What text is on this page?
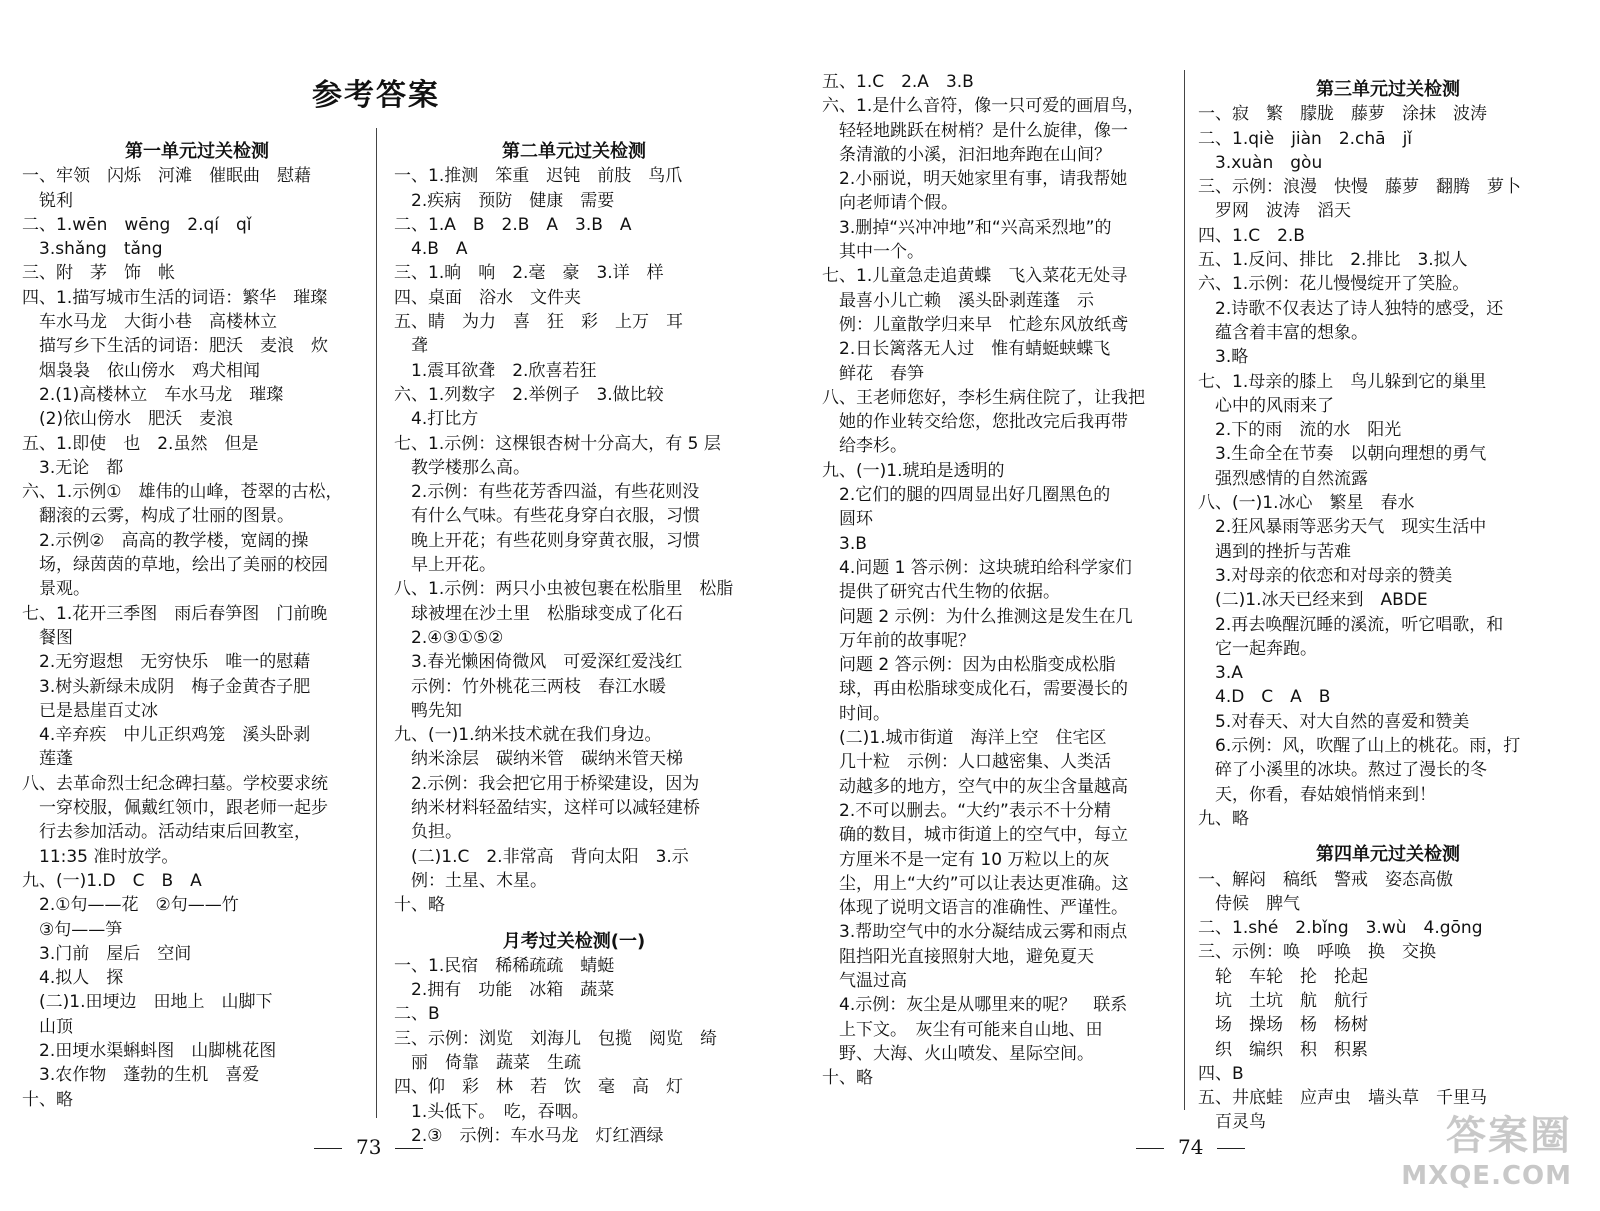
参考答案
第一单元过关检测
一、牢领　闪烁　河滩　催眠曲　慰藉
　锐利
二、1.wēn　wēng　2.qí　qǐ
　3.shǎng　tǎng
三、附　茅　饰　帐
四、1.描写城市生活的词语：繁华　璀璨
　车水马龙　大街小巷　高楼林立
　描写乡下生活的词语：肥沃　麦浪　炊
　烟袅袅　依山傍水　鸡犬相闻
　2.(1)高楼林立　车水马龙　璀璨
　(2)依山傍水　肥沃　麦浪
五、1.即使　也　2.虽然　但是
　3.无论　都
六、1.示例①　雄伟的山峰，苍翠的古松，
　翻滚的云雾，构成了壮丽的图景。
　2.示例②　高高的教学楼，宽阔的操
　场，绿茵茵的草地，绘出了美丽的校园
　景观。
七、1.花开三季图　雨后春笋图　门前晚
　餐图
　2.无穷遐想　无穷快乐　唯一的慰藉
　3.树头新绿未成阴　梅子金黄杏子肥
　已是悬崖百丈冰
　4.辛弃疾　中儿正织鸡笼　溪头卧剥
　莲蓬
八、去革命烈士纪念碑扫墓。学校要求统
　一穿校服，佩戴红领巾，跟老师一起步
　行去参加活动。活动结束后回教室，
　11:35 准时放学。
九、(一)1.D　C　B　A
　2.①句——花　②句——竹
　③句——笋
　3.门前　屋后　空间
　4.拟人　探
　(二)1.田埂边　田地上　山脚下
　山顶
　2.田埂水渠蝌蚪图　山脚桃花图
　3.农作物　蓬勃的生机　喜爱
十、略
第二单元过关检测
一、1.推测　笨重　迟钝　前肢　鸟爪
　2.疾病　预防　健康　需要
二、1.A　B　2.B　A　3.B　A
　4.B　A
三、1.晌　响　2.毫　豪　3.详　样
四、桌面　浴水　文件夹
五、睛　为力　喜　狂　彩　上万　耳
　聋
　1.震耳欲聋　2.欣喜若狂
六、1.列数字　2.举例子　3.做比较
　4.打比方
七、1.示例：这棵银杏树十分高大，有 5 层
　教学楼那么高。
　2.示例：有些花芳香四溢，有些花则没
　有什么气味。有些花身穿白衣服，习惯
　晚上开花；有些花则身穿黄衣服，习惯
　早上开花。
八、1.示例：两只小虫被包裹在松脂里　松脂
　球被埋在沙土里　松脂球变成了化石
　2.④③①⑤②
　3.春光懒困倚微风　可爱深红爱浅红
　示例：竹外桃花三两枝　春江水暖
　鸭先知
九、(一)1.纳米技术就在我们身边。
　纳米涂层　碳纳米管　碳纳米管天梯
　2.示例：我会把它用于桥梁建设，因为
　纳米材料轻盈结实，这样可以减轻建桥
　负担。
　(二)1.C　2.非常高　背向太阳　3.示
　例：土星、木星。
十、略
月考过关检测(一)
一、1.民宿　稀稀疏疏　蜻蜓
　2.拥有　功能　冰箱　蔬菜
二、B
三、示例：浏览　刘海儿　包揽　阅览　绮
　丽　倚靠　蔬菜　生疏
四、仰　彩　林　若　饮　毫　高　灯
　1.头低下。　吃，吞咽。
　2.③　示例：车水马龙　灯红酒绿
五、1.C　2.A　3.B
六、1.是什么音符，像一只可爱的画眉鸟，
　轻轻地跳跃在树梢？是什么旋律，像一
　条清澈的小溪，汩汩地奔跑在山间？
　2.小丽说，明天她家里有事，请我帮她
　向老师请个假。
　3.删掉“兴冲冲地”和“兴高采烈地”的
　其中一个。
七、1.儿童急走追黄蝶　飞入菜花无处寻
　最喜小儿亡赖　溪头卧剥莲蓬　示
　例：儿童散学归来早　忙趁东风放纸鸢
　2.日长篱落无人过　惟有蜻蜓蛱蝶飞
　鲜花　春笋
八、王老师您好，李杉生病住院了，让我把
　她的作业转交给您，您批改完后我再带
　给李杉。
九、(一)1.琥珀是透明的
　2.它们的腿的四周显出好几圈黑色的
　圆环
　3.B
　4.问题 1 答示例：这块琥珀给科学家们
　提供了研究古代生物的依据。
　问题 2 示例：为什么推测这是发生在几
　万年前的故事呢？
　问题 2 答示例：因为由松脂变成松脂
　球，再由松脂球变成化石，需要漫长的
　时间。
　(二)1.城市街道　海洋上空　住宅区
　几十粒　示例：人口越密集、人类活
　动越多的地方，空气中的灰尘含量越高
　2.不可以删去。“大约”表示不十分精
　确的数目，城市街道上的空气中，每立
　方厘米不是一定有 10 万粒以上的灰
　尘，用上“大约”可以让表达更准确。这
　体现了说明文语言的准确性、严谨性。
　3.帮助空气中的水分凝结成云雾和雨点
　阻挡阳光直接照射大地，避免夏天
　气温过高
　4.示例：灰尘是从哪里来的呢？　联系
　上下文。　灰尘有可能来自山地、田
　野、大海、火山喷发、星际空间。
十、略
第三单元过关检测
一、寂　繁　朦胧　藤萝　涂抹　波涛
二、1.qiè　jiàn　2.chā　jǐ
　3.xuàn　gòu
三、示例：浪漫　快慢　藤萝　翻腾　萝卜
　罗网　波涛　滔天
四、1.C　2.B
五、1.反问、排比　2.排比　3.拟人
六、1.示例：花儿慢慢绽开了笑脸。
　2.诗歌不仅表达了诗人独特的感受，还
　蕴含着丰富的想象。
　3.略
七、1.母亲的膝上　鸟儿躲到它的巢里
　心中的风雨来了
　2.下的雨　流的水　阳光
　3.生命全在节奏　以朝向理想的勇气
　强烈感情的自然流露
八、(一)1.冰心　繁星　春水
　2.狂风暴雨等恶劣天气　现实生活中
　遇到的挫折与苦难
　3.对母亲的依恋和对母亲的赞美
　(二)1.冰天已经来到　ABDE
　2.再去唤醒沉睡的溪流，听它唱歌，和
　它一起奔跑。
　3.A
　4.D　C　A　B
　5.对春天、对大自然的喜爱和赞美
　6.示例：风，吹醒了山上的桃花。雨，打
　碎了小溪里的冰块。熬过了漫长的冬
　天，你看，春姑娘悄悄来到！
九、略
第四单元过关检测
一、解闷　稿纸　警戒　姿态高傲
　侍候　脾气
二、1.shé　2.bǐng　3.wù　4.gōng
三、示例：唤　呼唤　换　交换
　轮　车轮　抡　抡起
　坑　土坑　航　航行
　场　操场　杨　杨树
　织　编织　积　积累
四、B
五、井底蛙　应声虫　墙头草　千里马
　百灵鸟
73	74	答案圈
MXQE.COM
